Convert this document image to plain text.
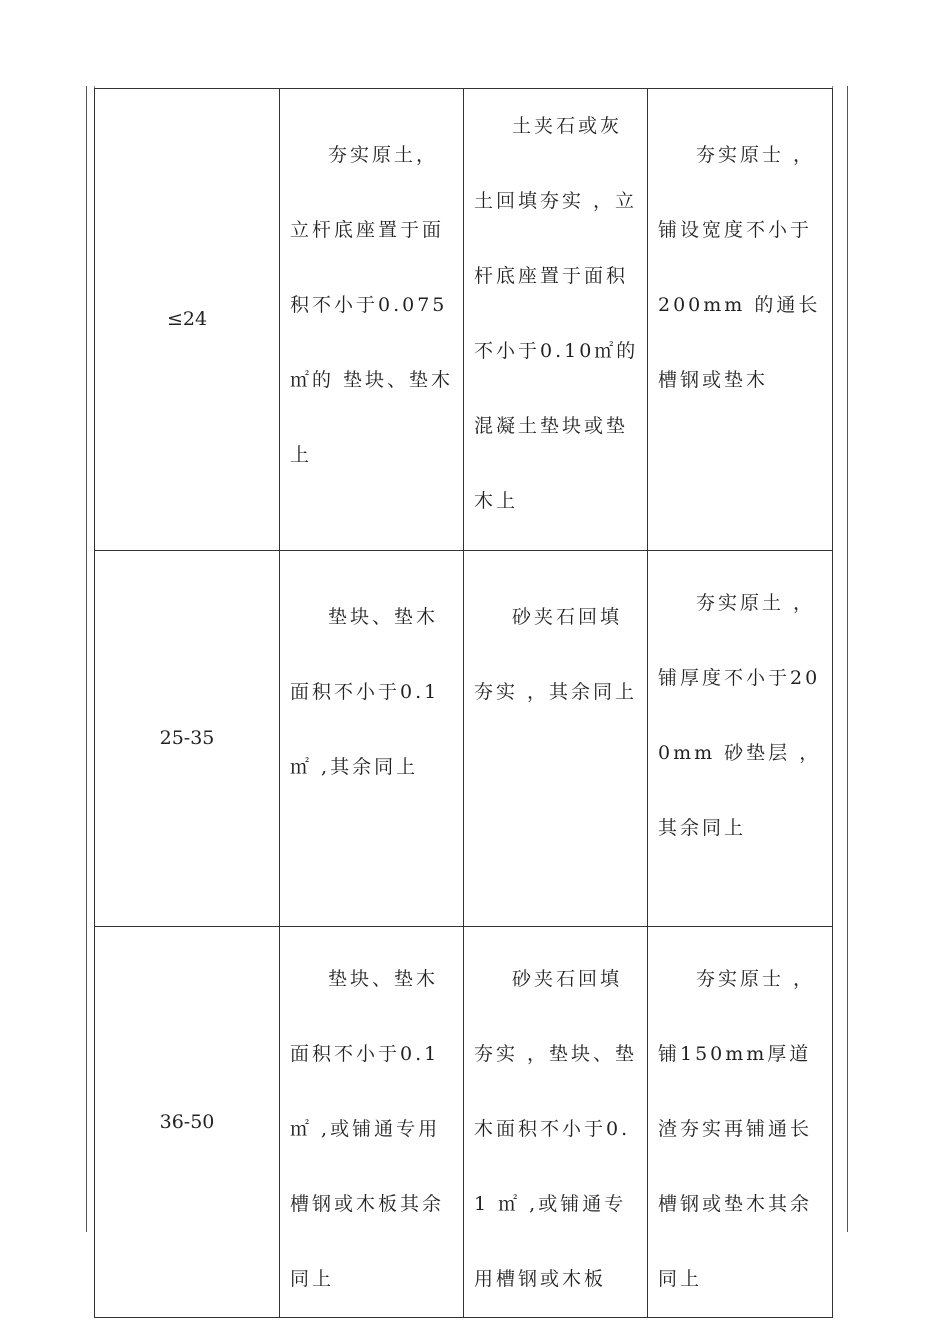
≤24	夯实原土，立杆底座置于面积不小于0.075㎡的 垫块、垫木上	土夹石或灰土回填夯实 ，立杆底座置于面积不小于0.10㎡的混凝土垫块或垫木上	夯实原士 ，铺设宽度不小于200mm 的通长槽钢或垫木

25-35	垫块、垫木面积不小于0.1㎡ ,其余同上	砂夹石回填夯实 ，其余同上	夯实原土 ，铺厚度不小于200mm 砂垫层 ，其余同上

36-50	垫块、垫木面积不小于0.1㎡ ,或铺通专用槽钢或木板其余同上	砂夹石回填夯实 ，垫块、垫木面积不小于0.1 ㎡ ,或铺通专用槽钢或木板	夯实原士 ，铺150mm厚道渣夯实再铺通长槽钢或垫木其余同上
